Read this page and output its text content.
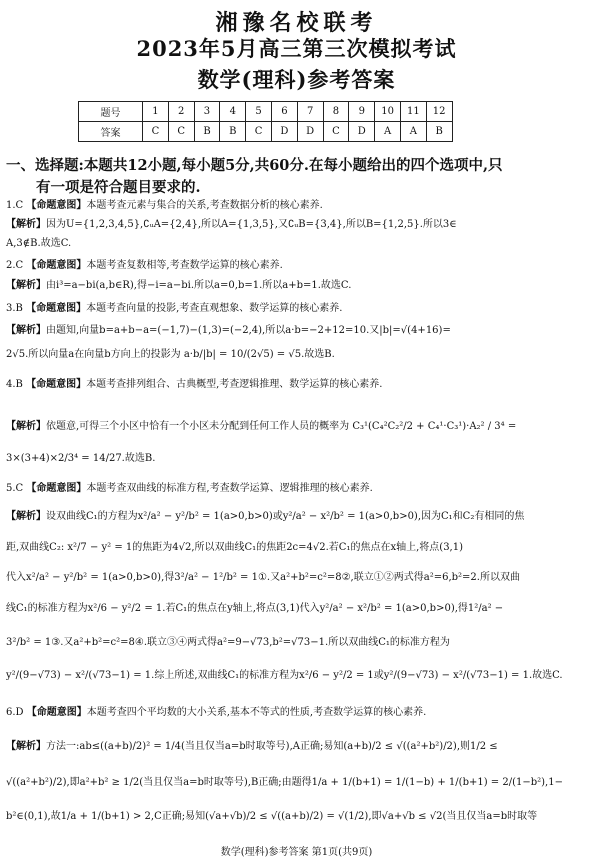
湘豫名校联考
2023年5月高三第三次模拟考试
数学(理科)参考答案
题号	1	2	3	4	5	6	7	8	9	10	11	12
答案	C	C	B	B	C	D	D	C	D	A	A	B
一、选择题:本题共12小题,每小题5分,共60分.在每小题给出的四个选项中,只
有一项是符合题目要求的.
1.C 【命题意图】本题考查元素与集合的关系,考查数据分析的核心素养.
【解析】因为U={1,2,3,4,5},∁ᵤA={2,4},所以A={1,3,5},又∁ᵤB={3,4},所以B={1,2,5}.所以3∈
A,3∉B.故选C.
2.C 【命题意图】本题考查复数相等,考查数学运算的核心素养.
【解析】由i³=a−bi(a,b∈R),得−i=a−bi.所以a=0,b=1.所以a+b=1.故选C.
3.B 【命题意图】本题考查向量的投影,考查直观想象、数学运算的核心素养.
【解析】由题知,向量b=a+b−a=(−1,7)−(1,3)=(−2,4),所以a·b=−2+12=10.又|b|=√(4+16)=
2√5.所以向量a在向量b方向上的投影为 a·b/|b| = 10/(2√5) = √5.故选B.
4.B 【命题意图】本题考查排列组合、古典概型,考查逻辑推理、数学运算的核心素养.
【解析】依题意,可得三个小区中恰有一个小区未分配到任何工作人员的概率为 C₃¹(C₄²C₂²/2 + C₄¹·C₃¹)·A₂² / 3⁴ =
3×(3+4)×2/3⁴ = 14/27.故选B.
5.C 【命题意图】本题考查双曲线的标准方程,考查数学运算、逻辑推理的核心素养.
【解析】设双曲线C₁的方程为x²/a² − y²/b² = 1(a>0,b>0)或y²/a² − x²/b² = 1(a>0,b>0),因为C₁和C₂有相同的焦
距,双曲线C₂: x²/7 − y² = 1的焦距为4√2,所以双曲线C₁的焦距2c=4√2.若C₁的焦点在x轴上,将点(3,1)
代入x²/a² − y²/b² = 1(a>0,b>0),得3²/a² − 1²/b² = 1①.又a²+b²=c²=8②,联立①②两式得a²=6,b²=2.所以双曲
线C₁的标准方程为x²/6 − y²/2 = 1.若C₁的焦点在y轴上,将点(3,1)代入y²/a² − x²/b² = 1(a>0,b>0),得1²/a² −
3²/b² = 1③.又a²+b²=c²=8④.联立③④两式得a²=9−√73,b²=√73−1.所以双曲线C₁的标准方程为
y²/(9−√73) − x²/(√73−1) = 1.综上所述,双曲线C₁的标准方程为x²/6 − y²/2 = 1或y²/(9−√73) − x²/(√73−1) = 1.故选C.
6.D 【命题意图】本题考查四个平均数的大小关系,基本不等式的性质,考查数学运算的核心素养.
【解析】方法一:ab≤((a+b)/2)² = 1/4(当且仅当a=b时取等号),A正确;易知(a+b)/2 ≤ √((a²+b²)/2),则1/2 ≤
√((a²+b²)/2),即a²+b² ≥ 1/2(当且仅当a=b时取等号),B正确;由题得1/a + 1/(b+1) = 1/(1−b) + 1/(b+1) = 2/(1−b²),1−
b²∈(0,1),故1/a + 1/(b+1) > 2,C正确;易知(√a+√b)/2 ≤ √((a+b)/2) = √(1/2),即√a+√b ≤ √2(当且仅当a=b时取等
数学(理科)参考答案 第1页(共9页)
